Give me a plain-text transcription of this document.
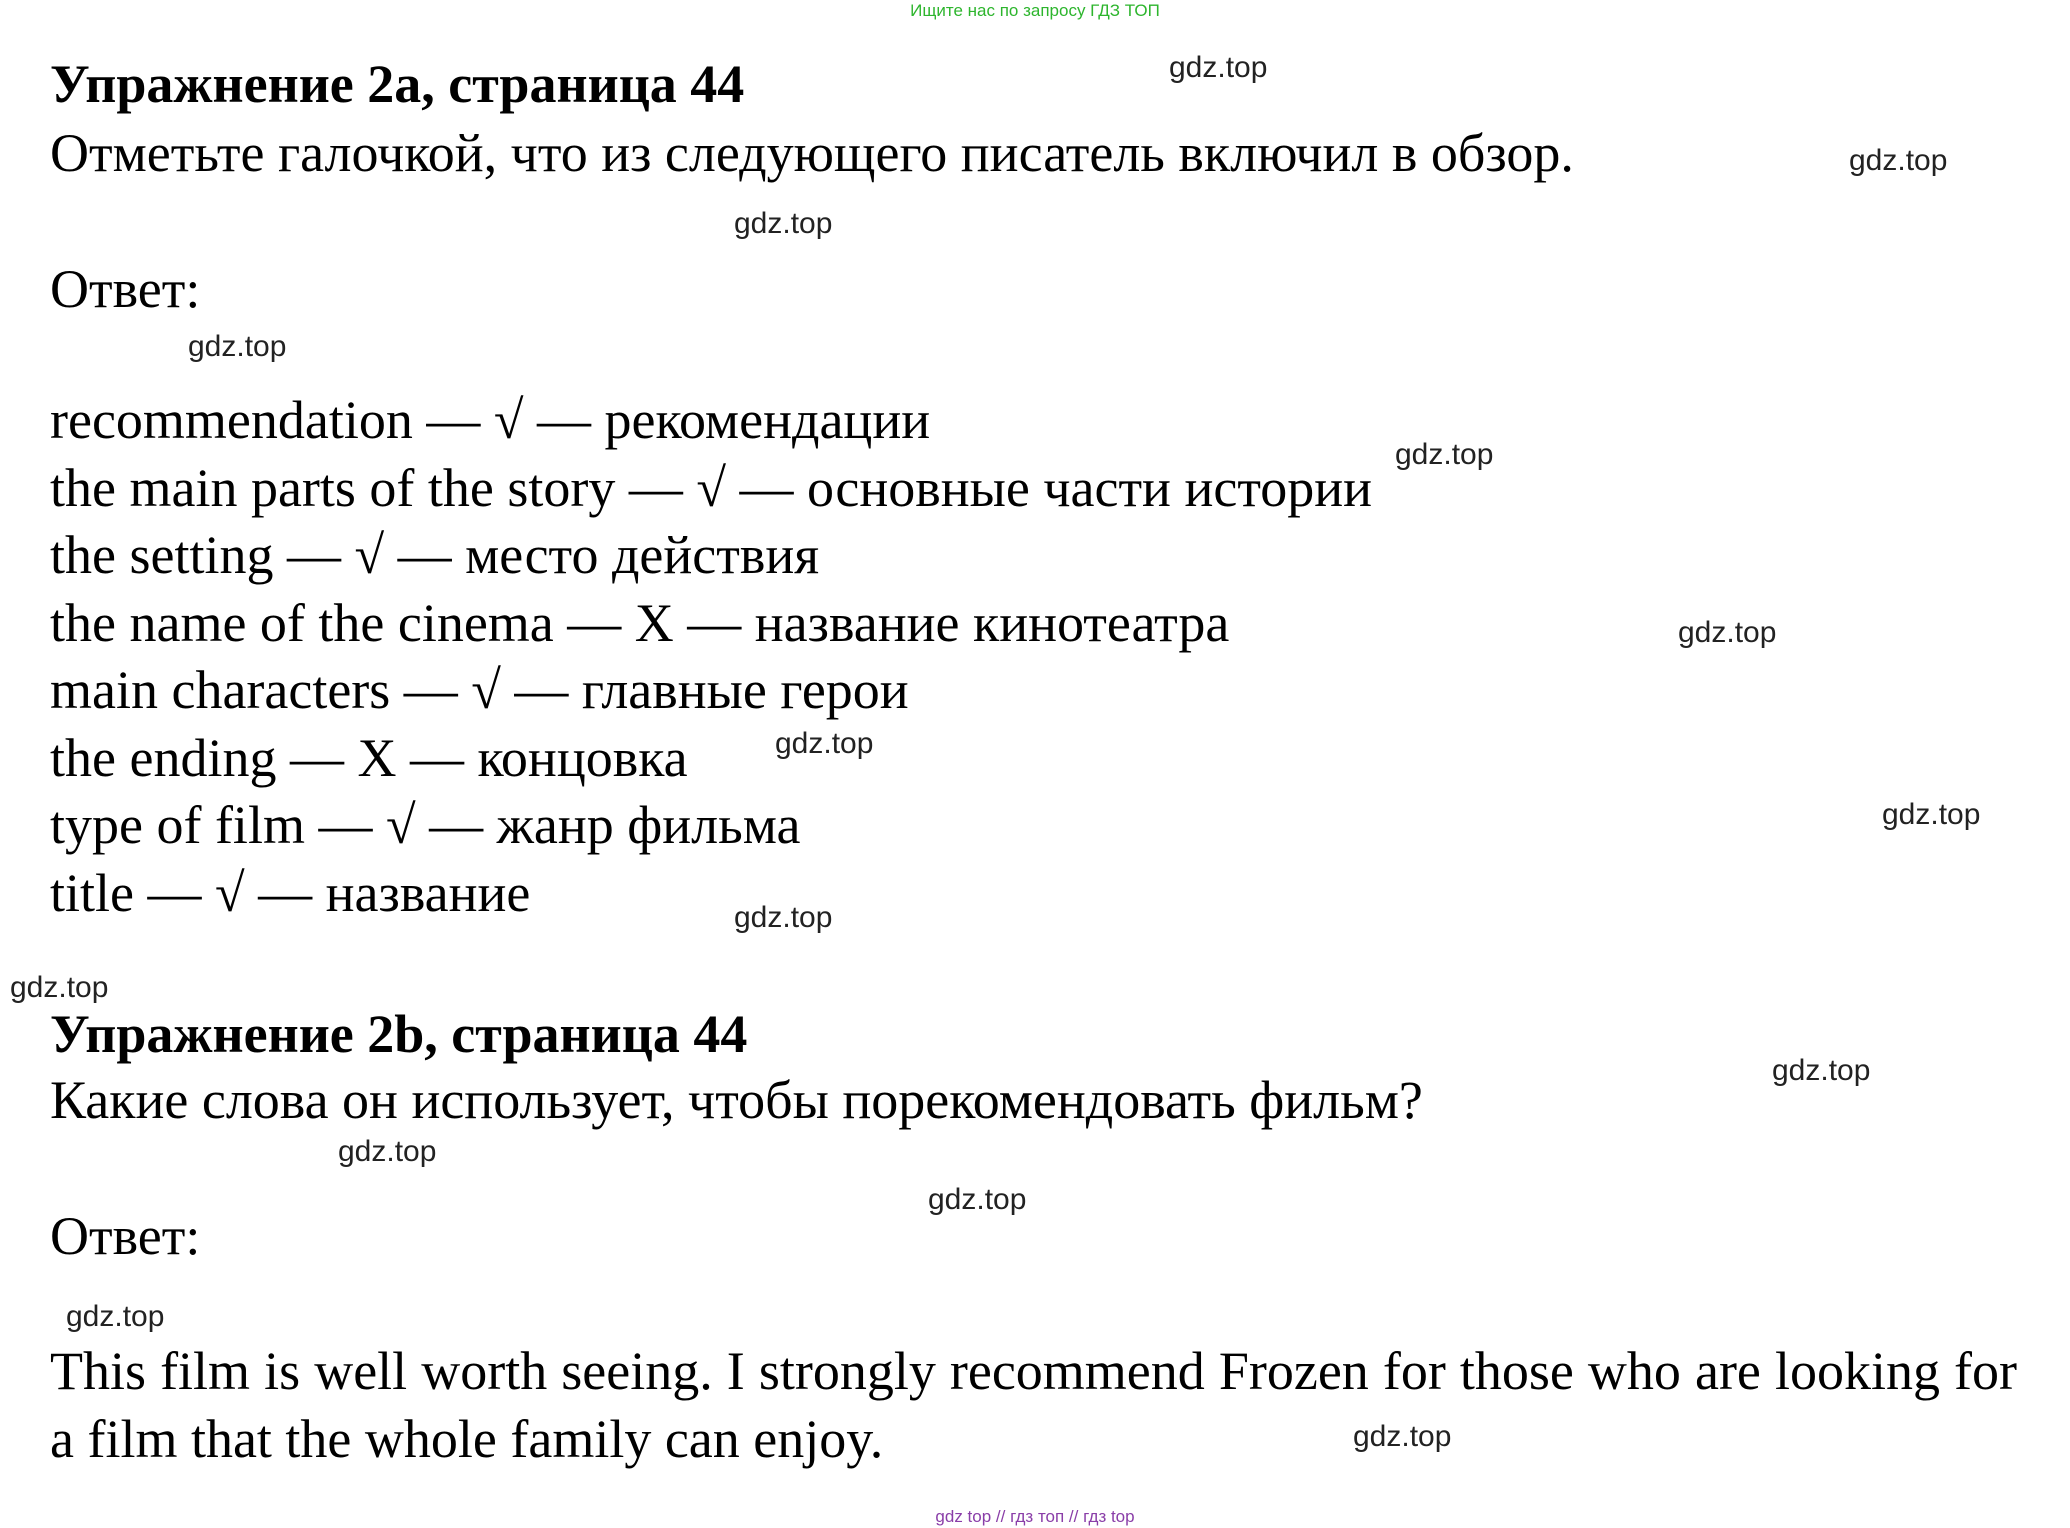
Ищите нас по запросу ГДЗ ТОП
Упражнение 2a, страница 44
Отметьте галочкой, что из следующего писатель включил в обзор.
Ответ:
recommendation — √ — рекомендации
the main parts of the story — √ — основные части истории
the setting — √ — место действия
the name of the cinema — X — название кинотеатра
main characters — √ — главные герои
the ending — X — концовка
type of film — √ — жанр фильма
title — √ — название
Упражнение 2b, страница 44
Какие слова он использует, чтобы порекомендовать фильм?
Ответ:

This film is well worth seeing. I strongly recommend Frozen for those who are looking for a film that the whole family can enjoy.

gdz.top
gdz.top
gdz.top
gdz.top
gdz.top
gdz.top
gdz.top
gdz.top
gdz.top
gdz.top
gdz.top
gdz.top
gdz.top
gdz.top
gdz.top
gdz top // гдз топ // гдз top
